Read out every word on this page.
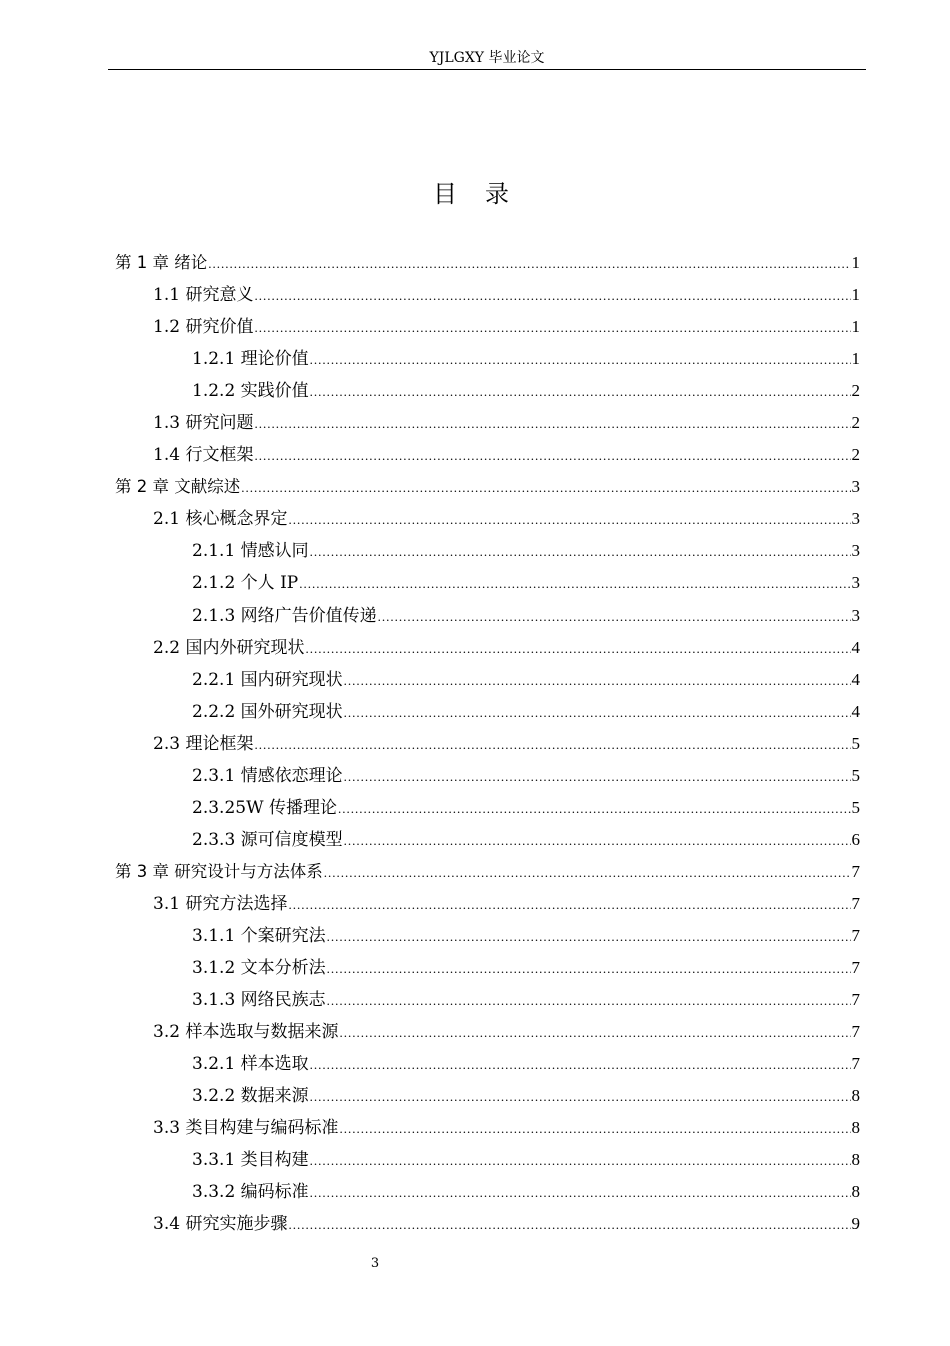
YJLGXY 毕业论文
目录
第 1 章 绪论 .....	1
1.1 研究意义 .....	1
1.2 研究价值 .....	1
1.2.1 理论价值 .....	1
1.2.2 实践价值 .....	2
1.3 研究问题 .....	2
1.4 行文框架 .....	2
第 2 章 文献综述 .....	3
2.1 核心概念界定 .....	3
2.1.1 情感认同 .....	3
2.1.2 个人 IP .....	3
2.1.3 网络广告价值传递 .....	3
2.2 国内外研究现状 .....	4
2.2.1 国内研究现状 .....	4
2.2.2 国外研究现状 .....	4
2.3 理论框架 .....	5
2.3.1 情感依恋理论 .....	5
2.3.25W 传播理论 .....	5
2.3.3 源可信度模型 .....	6
第 3 章 研究设计与方法体系 .....	7
3.1 研究方法选择 .....	7
3.1.1 个案研究法 .....	7
3.1.2 文本分析法 .....	7
3.1.3 网络民族志 .....	7
3.2 样本选取与数据来源 .....	7
3.2.1 样本选取 .....	7
3.2.2 数据来源 .....	8
3.3 类目构建与编码标准 .....	8
3.3.1 类目构建 .....	8
3.3.2 编码标准 .....	8
3.4 研究实施步骤 .....	9
3
